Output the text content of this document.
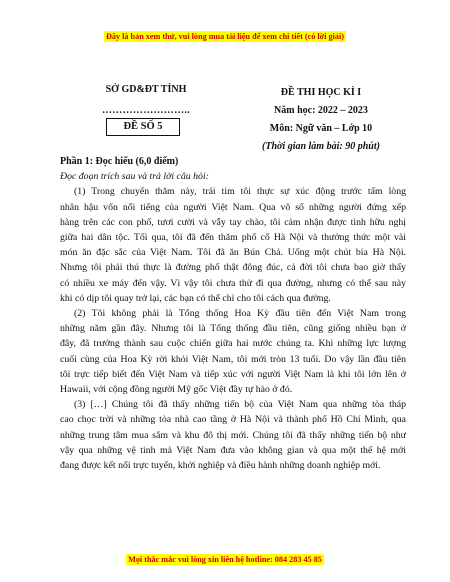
Đây là bản xem thử, vui lòng mua tài liệu để xem chi tiết (có lời giải)
SỞ GD&ĐT TỈNH
……………………..
ĐỀ SỐ 5
ĐỀ THI HỌC KÌ I
Năm học: 2022 – 2023
Môn: Ngữ văn – Lớp 10
(Thời gian làm bài: 90 phút)
Phần 1: Đọc hiểu (6,0 điểm)
Đọc đoạn trích sau và trả lời câu hỏi:
(1) Trong chuyến thăm này, trái tim tôi thực sự xúc động trước tấm lòng
nhân hậu vốn nổi tiếng của người Việt Nam. Qua vô số những người đứng xếp
hàng trên các con phố, tươi cười và vẫy tay chào, tôi cảm nhận được tình hữu nghị
giữa hai dân tộc. Tối qua, tôi đã đến thăm phố cổ Hà Nội và thưởng thức một vài
món ăn đặc sắc của Việt Nam. Tôi đã ăn Bún Chả. Uống một chút bia Hà Nội.
Nhưng tôi phải thú thực là đường phố thật đông đúc, cả đời tôi chưa bao giờ thấy
có nhiều xe máy đến vậy. Vì vậy tôi chưa thử đi qua đường, nhưng có thể sau này
khi có dịp tôi quay trở lại, các bạn có thể chỉ cho tôi cách qua đường.
(2) Tôi không phải là Tổng thống Hoa Kỳ đầu tiên đến Việt Nam trong
những năm gần đây. Nhưng tôi là Tổng thống đầu tiên, cũng giống nhiều bạn ở
đây, đã trưởng thành sau cuộc chiến giữa hai nước chúng ta. Khi những lực lượng
cuối cùng của Hoa Kỳ rời khỏi Việt Nam, tôi mới tròn 13 tuổi. Do vậy lần đầu tiên
tôi trực tiếp biết đến Việt Nam và tiếp xúc với người Việt Nam là khi tôi lớn lên ở
Hawaii, với cộng đồng người Mỹ gốc Việt đầy tự hào ở đó.
(3) […] Chúng tôi đã thấy những tiến bộ của Việt Nam qua những tòa tháp
cao chọc trời và những tòa nhà cao tầng ở Hà Nội và thành phố Hồ Chí Minh, qua
những trung tâm mua sắm và khu đô thị mới. Chúng tôi đã thấy những tiến bộ như
vậy qua những vệ tinh mà Việt Nam đưa vào không gian và qua một thế hệ mới
đang được kết nối trực tuyến, khởi nghiệp và điều hành những doanh nghiệp mới.
Mọi thắc mắc vui lòng xin liên hệ hotline: 084 283 45 85
